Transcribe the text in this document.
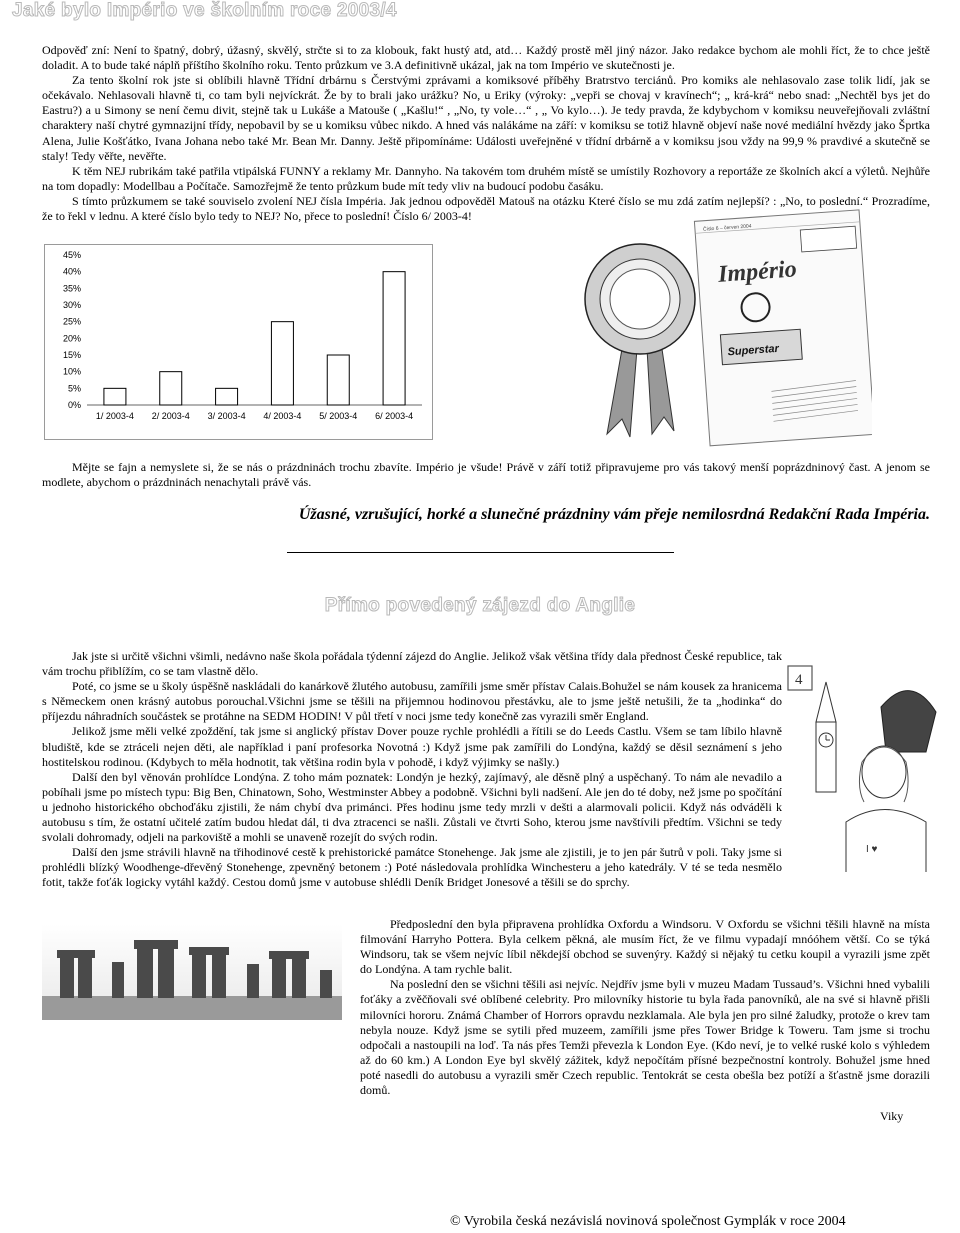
Jaké bylo Império ve školním roce 2003/4

Odpověď zní: Není to špatný, dobrý, úžasný, skvělý, strčte si to za klobouk, fakt hustý atd, atd… Každý prostě měl jiný názor. Jako redakce bychom ale mohli říct, že to chce ještě doladit. A to bude také náplň příštího školního roku. Tento průzkum ve 3.A definitivně ukázal, jak na tom Império ve skutečnosti je.

Za tento školní rok jste si oblíbili hlavně Třídní drbárnu s Čerstvými zprávami a komiksové příběhy Bratrstvo terciánů. Pro komiks ale nehlasovalo zase tolik lidí, jak se očekávalo. Nehlasovali hlavně ti, co tam byli nejvíckrát. Že by to brali jako urážku? No, u Eriky (výroky: „vepři se chovaj v kravínech“; „ krá-krá“ nebo snad: „Nechtěl bys jet do Eastru?) a u Simony se není čemu divit, stejně tak u Lukáše a Matouše ( „Kašlu!“ , „No, ty vole…“ , „ Vo kylo…). Je tedy pravda, že kdybychom v komiksu neuveřejňovali zvláštní charaktery naší chytré gymnazijní třídy, nepobavil by se u komiksu vůbec nikdo. A hned vás nalákáme na září: v komiksu se totiž hlavně objeví naše nové mediální hvězdy jako Šprtka Alena, Julie Košťátko, Ivana Johana nebo také Mr. Bean Mr. Danny. Ještě připomínáme: Události uveřejněné v třídní drbárně a v komiksu jsou vždy na 99,9 % pravdivé a skutečně se staly! Tedy věřte, nevěřte.

K těm NEJ rubrikám také patřila vtipálská FUNNY a reklamy Mr. Dannyho. Na takovém tom druhém místě se umístily Rozhovory a reportáže ze školních akcí a výletů. Nejhůře na tom dopadly: Modellbau a Počítače. Samozřejmě že tento průzkum bude mít tedy vliv na budoucí podobu časáku.

S tímto průzkumem se také souviselo zvolení NEJ čísla Impéria. Jak jednou odpověděl Matouš na otázku Které číslo se mu zdá zatím nejlepší? : „No, to poslední.“ Prozradíme, že to řekl v lednu. A které číslo bylo tedy to NEJ? No, přece to poslední! Číslo 6/ 2003-4!

0%
5%
10%
15%
20%
25%
30%
35%
40%
45%
1/ 2003-4 2/ 2003-4 3/ 2003-4 4/ 2003-4 5/ 2003-4 6/ 2003-4
Číslo 6 – červen 2004
Império
Superstar

Mějte se fajn a nemyslete si, že se nás o prázdninách trochu zbavíte. Império je všude! Právě v září totiž připravujeme pro vás takový menší poprázdninový čast. A jenom se modlete, abychom o prázdninách nenachytali právě vás.

Úžasné, vzrušující, horké a slunečné prázdniny vám přeje nemilosrdná Redakční Rada Impéria.
Přímo povedený zájezd do Anglie

Jak jste si určitě všichni všimli, nedávno naše škola pořádala týdenní zájezd do Anglie. Jelikož však většina třídy dala přednost České republice, tak vám trochu přiblížím, co se tam vlastně dělo.

Poté, co jsme se u školy úspěšně naskládali do kanárkově žlutého autobusu, zamířili jsme směr přístav Calais.Bohužel se nám kousek za hranicema s Německem onen krásný autobus porouchal.Všichni jsme se těšili na přijemnou hodinovou přestávku, ale to jsme ještě netušili, že ta „hodinka“ do příjezdu náhradních součástek se protáhne na SEDM HODIN! V půl třetí v noci jsme tedy konečně zas vyrazili směr England.

Jelikož jsme měli velké zpoždění, tak jsme si anglický přístav Dover pouze rychle prohlédli a řítili se do Leeds Castlu. Všem se tam líbilo hlavně bludiště, kde se ztráceli nejen děti, ale například i paní profesorka Novotná :) Když jsme pak zamířili do Londýna, každý se děsil seznámení s jeho hostitelskou rodinou. (Kdybych to měla hodnotit, tak většina rodin byla v pohodě, i když výjimky se našly.)

Další den byl věnován prohlídce Londýna. Z toho mám poznatek: Londýn je hezký, zajímavý, ale děsně plný a uspěchaný. To nám ale nevadilo a pobíhali jsme po místech typu: Big Ben, Chinatown, Soho, Westminster Abbey a podobně. Všichni byli nadšení. Ale jen do té doby, než jsme po spočítání u jednoho historického obchoďáku zjistili, že nám chybí dva primánci. Přes hodinu jsme tedy mrzli v dešti a alarmovali policii. Když nás odváděli k autobusu s tím, že ostatní učitelé zatím budou hledat dál, ti dva ztracenci se našli. Zůstali ve čtvrti Soho, kterou jsme navštívili předtím. Všichni se tedy svolali dohromady, odjeli na parkoviště a mohli se unaveně rozejít do svých rodin.

Další den jsme strávili hlavně na třihodinové cestě k prehistorické památce Stonehenge. Jak jsme ale zjistili, je to jen pár šutrů v poli. Taky jsme si prohlédli blízký Woodhenge-dřevěný Stonehenge, zpevněný betonem :) Poté následovala prohlídka Winchesteru a jeho katedrály. V té se teda nesmělo fotit, takže foťák logicky vytáhl každý. Cestou domů jsme v autobuse shlédli Deník Bridget Jonesové a těšili se do sprchy.

4
I ♥

Předposlední den byla připravena prohlídka Oxfordu a Windsoru. V Oxfordu se všichni těšili hlavně na místa filmování Harryho Pottera. Byla celkem pěkná, ale musím říct, že ve filmu vypadají mnóóhem větší. Co se týká Windsoru, tak se všem nejvíc líbil někdejší obchod se suvenýry. Každý si nějaký tu cetku koupil a vyrazili jsme zpět do Londýna. A tam rychle balit.

Na poslední den se všichni těšili asi nejvíc. Nejdřív jsme byli v muzeu Madam Tussaud’s. Všichni hned vybalili foťáky a zvěčňovali své oblíbené celebrity. Pro milovníky historie tu byla řada panovníků, ale na své si hlavně přišli milovníci hororu. Známá Chamber of Horrors opravdu nezklamala. Ale byla jen pro silné žaludky, protože o krev tam nebyla nouze. Když jsme se sytili před muzeem, zamířili jsme přes Tower Bridge k Toweru. Tam jsme si trochu odpočali a nastoupili na loď. Ta nás přes Temži převezla k London Eye. (Kdo neví, je to velké ruské kolo s výhledem až do 60 km.) A London Eye byl skvělý zážitek, když nepočítám přísné bezpečnostní kontroly. Bohužel jsme hned poté nasedli do autobusu a vyrazili směr Czech republic. Tentokrát se cesta obešla bez potíží a šťastně jsme dorazili domů.

Viky
© Vyrobila česká nezávislá novinová společnost Gymplák v roce 2004
